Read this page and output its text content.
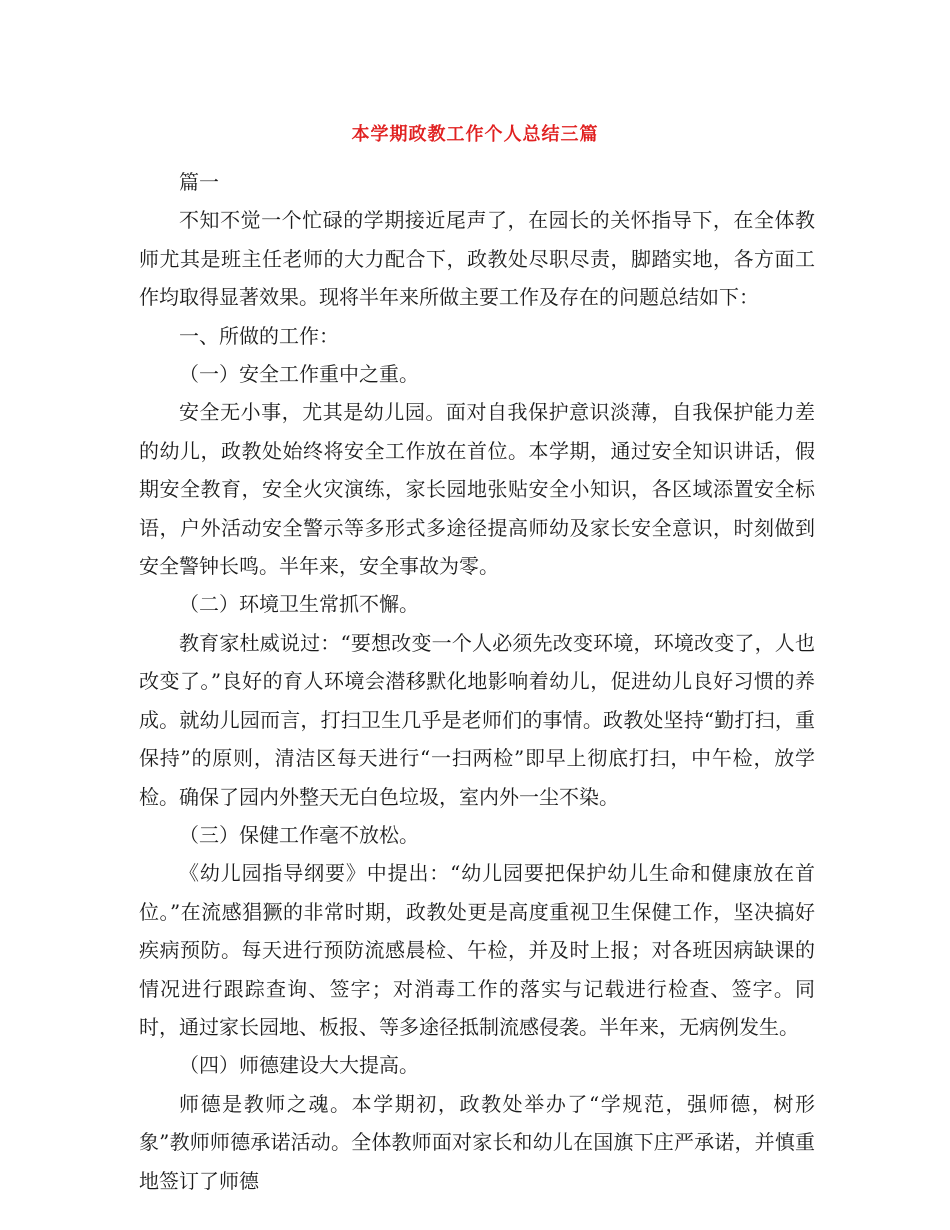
本学期政教工作个人总结三篇

篇一

不知不觉一个忙碌的学期接近尾声了，在园长的关怀指导下，在全体教师尤其是班主任老师的大力配合下，政教处尽职尽责，脚踏实地，各方面工作均取得显著效果。现将半年来所做主要工作及存在的问题总结如下：

一、所做的工作：

（一）安全工作重中之重。

安全无小事，尤其是幼儿园。面对自我保护意识淡薄，自我保护能力差的幼儿，政教处始终将安全工作放在首位。本学期，通过安全知识讲话，假期安全教育，安全火灾演练，家长园地张贴安全小知识，各区域添置安全标语，户外活动安全警示等多形式多途径提高师幼及家长安全意识，时刻做到安全警钟长鸣。半年来，安全事故为零。

（二）环境卫生常抓不懈。

教育家杜威说过：“要想改变一个人必须先改变环境，环境改变了，人也改变了。”良好的育人环境会潜移默化地影响着幼儿，促进幼儿良好习惯的养成。就幼儿园而言，打扫卫生几乎是老师们的事情。政教处坚持“勤打扫，重保持”的原则，清洁区每天进行“一扫两检”即早上彻底打扫，中午检，放学检。确保了园内外整天无白色垃圾，室内外一尘不染。

（三）保健工作毫不放松。

《幼儿园指导纲要》中提出：“幼儿园要把保护幼儿生命和健康放在首位。”在流感猖獗的非常时期，政教处更是高度重视卫生保健工作，坚决搞好疾病预防。每天进行预防流感晨检、午检，并及时上报；对各班因病缺课的情况进行跟踪查询、签字；对消毒工作的落实与记载进行检查、签字。同时，通过家长园地、板报、等多途径抵制流感侵袭。半年来，无病例发生。

（四）师德建设大大提高。

师德是教师之魂。本学期初，政教处举办了“学规范，强师德，树形象”教师师德承诺活动。全体教师面对家长和幼儿在国旗下庄严承诺，并慎重地签订了师德
